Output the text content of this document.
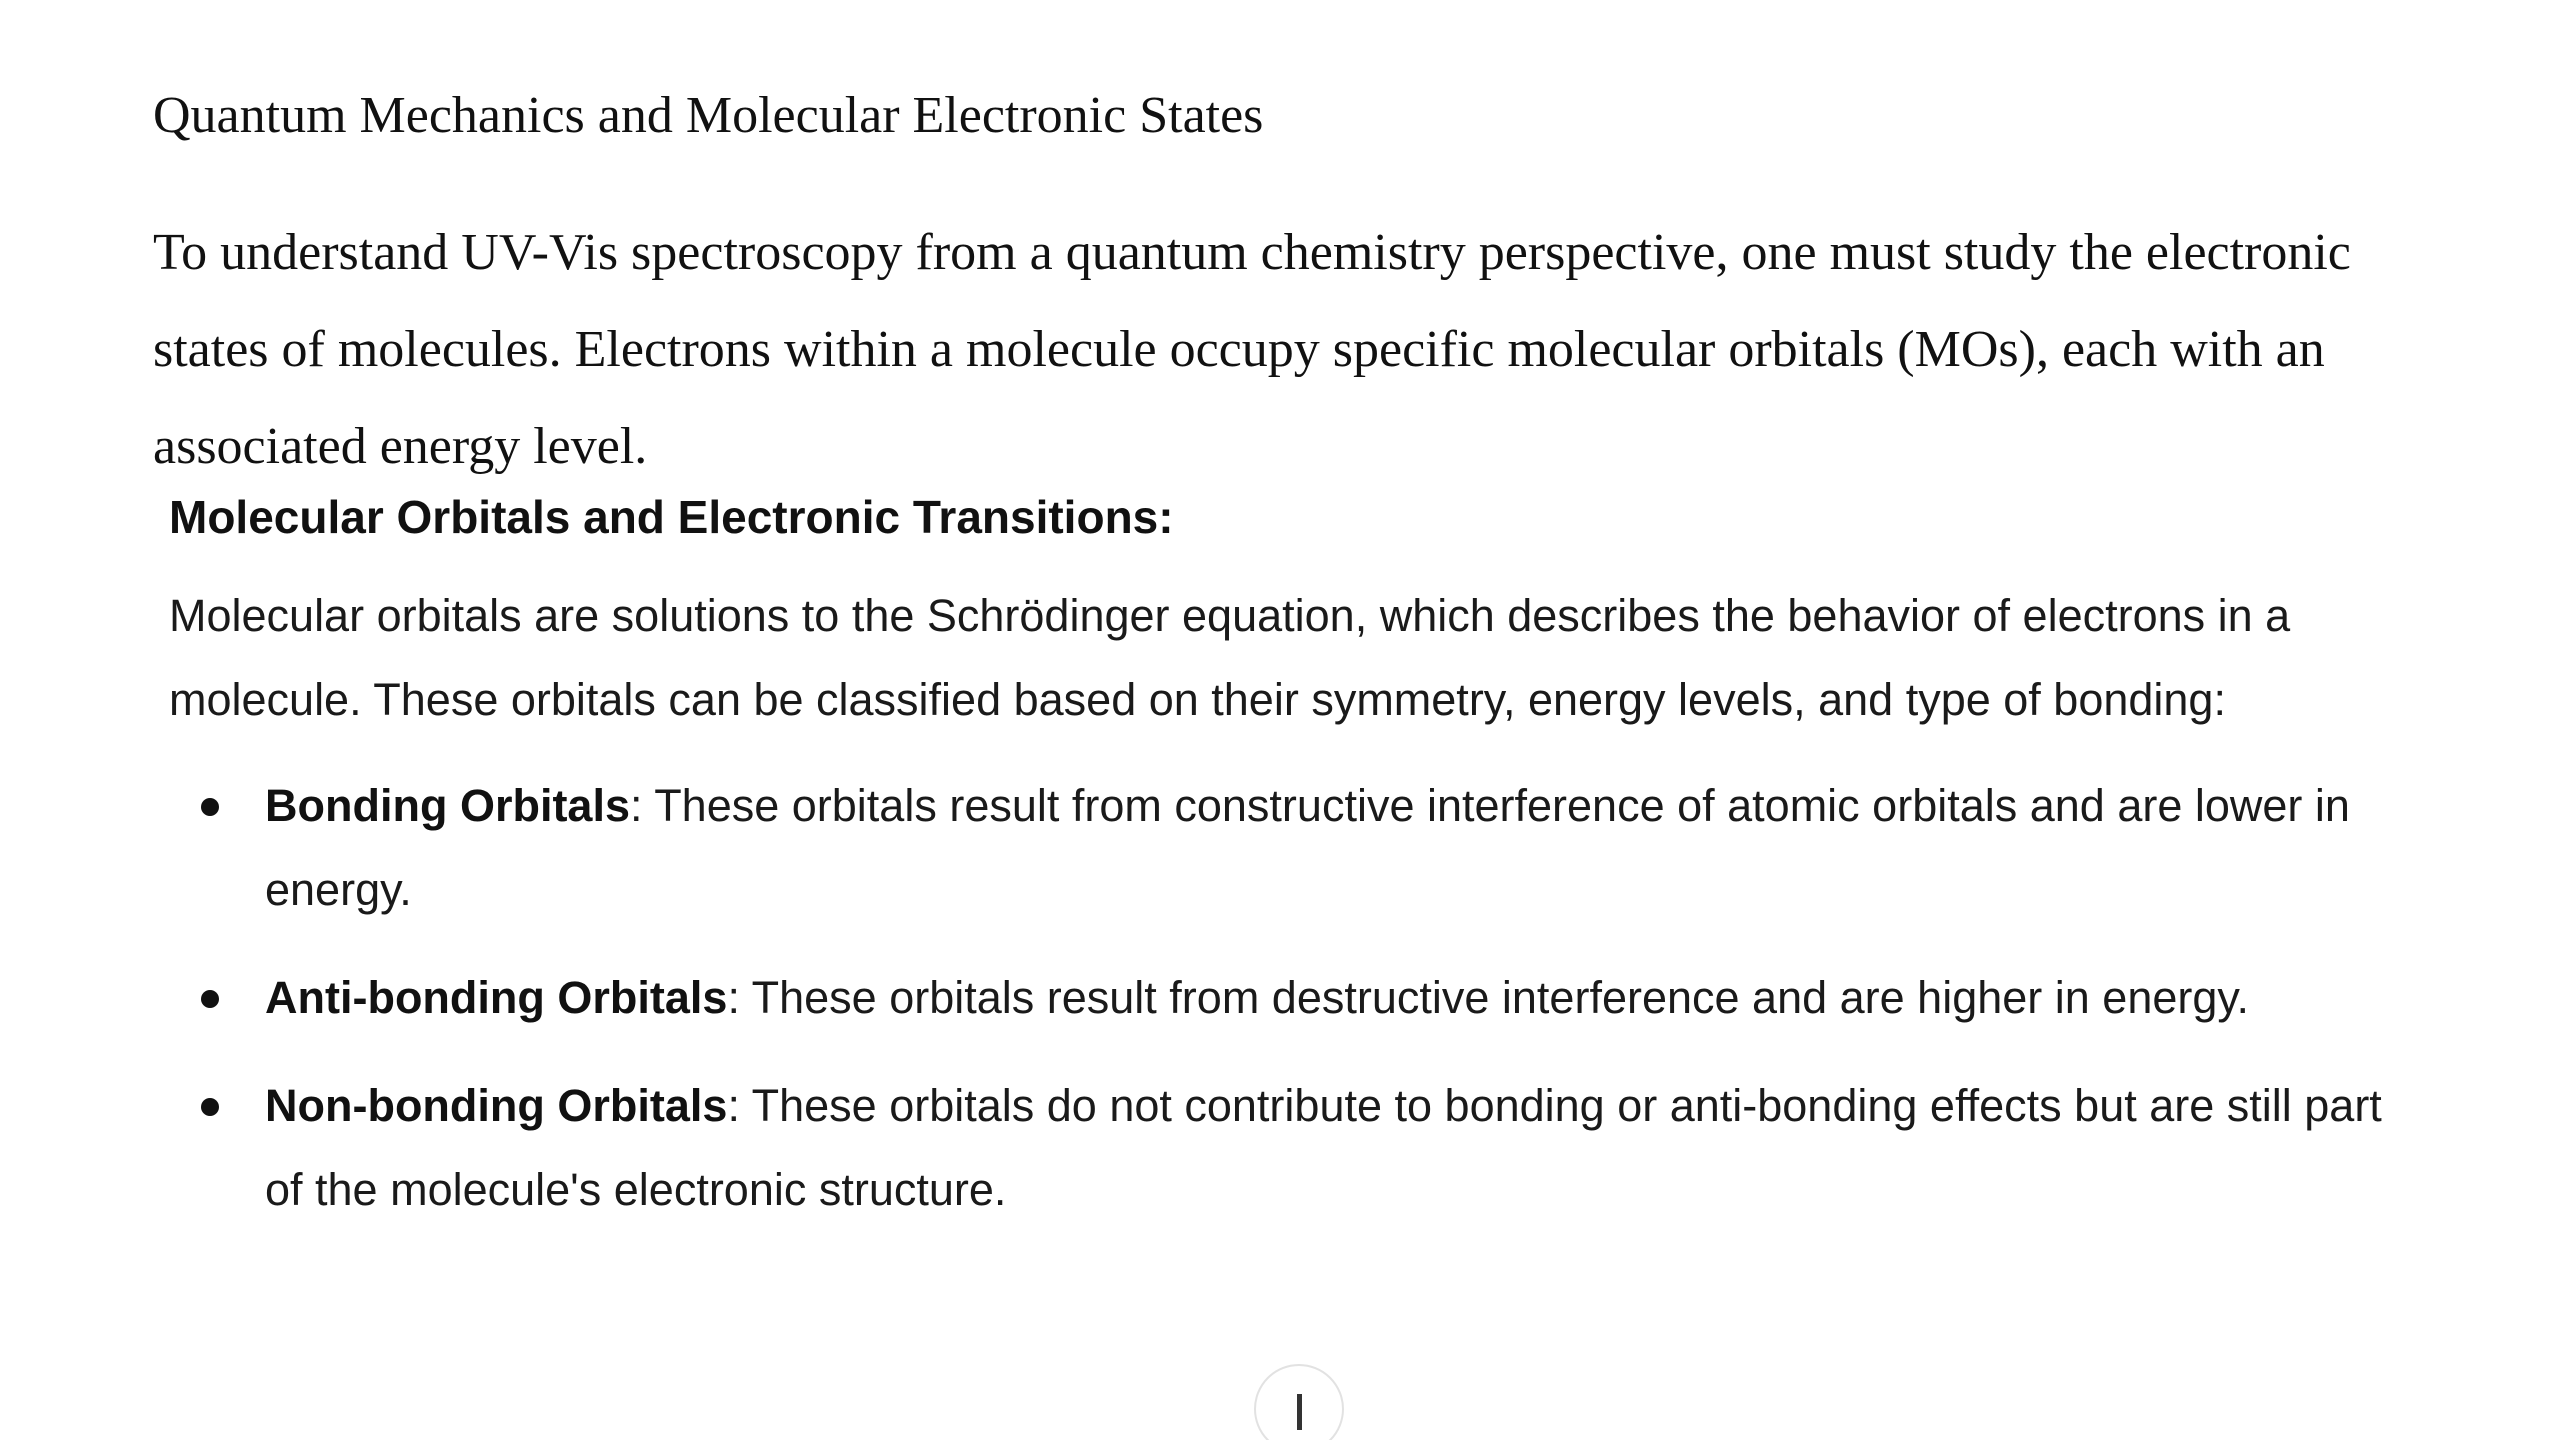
Quantum Mechanics and Molecular Electronic States

To understand UV-Vis spectroscopy from a quantum chemistry perspective, one must study the electronic states of molecules. Electrons within a molecule occupy specific molecular orbitals (MOs), each with an associated energy level.

Molecular Orbitals and Electronic Transitions:

Molecular orbitals are solutions to the Schrödinger equation, which describes the behavior of electrons in a molecule. These orbitals can be classified based on their symmetry, energy levels, and type of bonding:

Bonding Orbitals: These orbitals result from constructive interference of atomic orbitals and are lower in energy.
Anti-bonding Orbitals: These orbitals result from destructive interference and are higher in energy.
Non-bonding Orbitals: These orbitals do not contribute to bonding or anti-bonding effects but are still part of the molecule's electronic structure.
